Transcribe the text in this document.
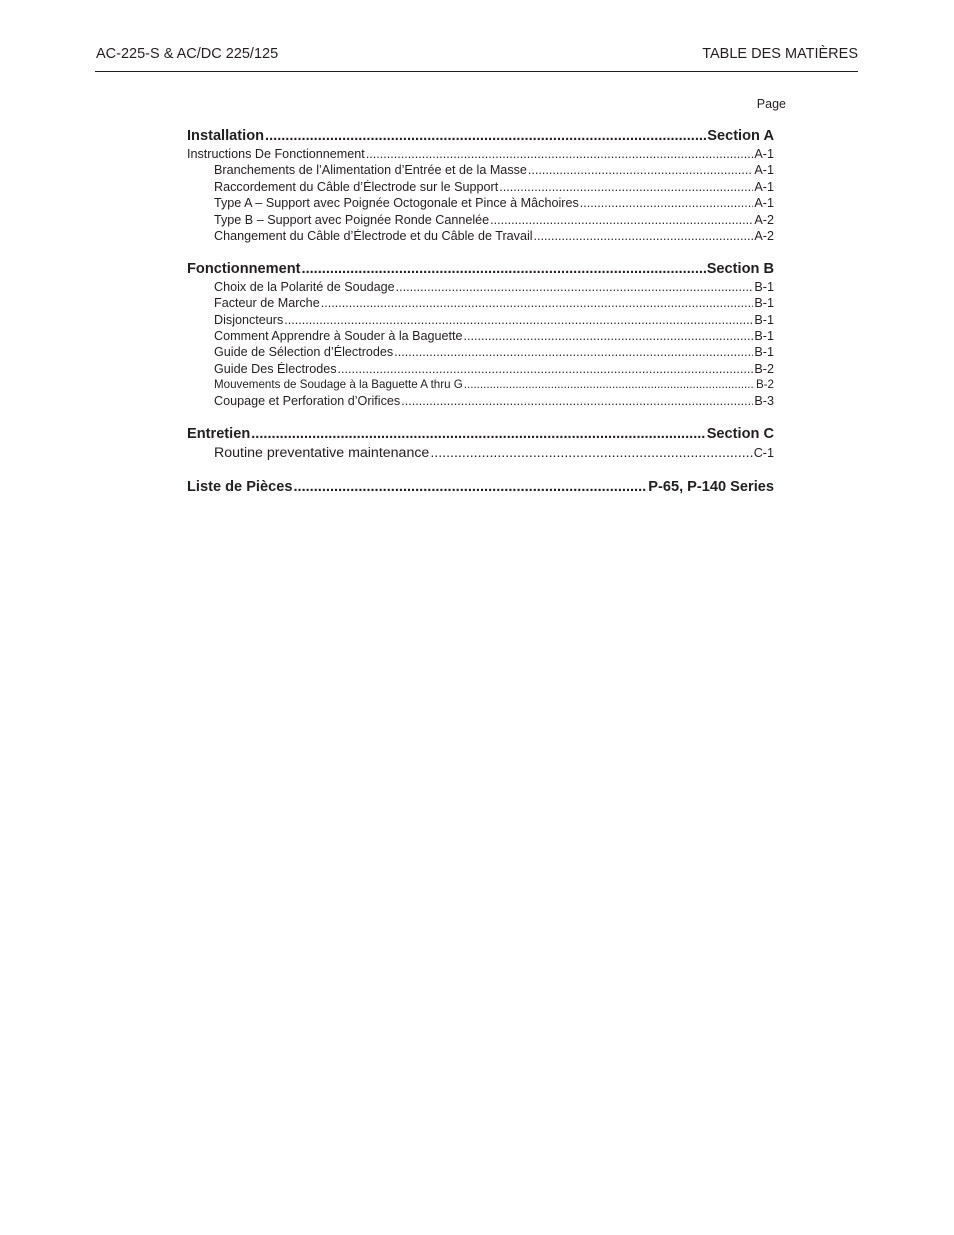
AC-225-S & AC/DC 225/125	TABLE DES MATIÈRES
Page
Installation .....	Section A
Instructions De Fonctionnement .....	A-1
Branchements de l’Alimentation d’Entrée et de la Masse .....	A-1
Raccordement du Câble d’Électrode sur le Support .....	A-1
Type A – Support avec Poignée Octogonale et Pince à Mâchoires .....	A-1
Type B – Support avec Poignée Ronde Cannelée .....	A-2
Changement du Câble d’Électrode et du Câble de Travail .....	A-2
Fonctionnement .....	Section B
Choix de la Polarité de Soudage .....	B-1
Facteur de Marche .....	B-1
Disjoncteurs .....	B-1
Comment Apprendre à Souder à la Baguette .....	B-1
Guide de Sélection d’Électrodes .....	B-1
Guide Des Électrodes .....	B-2
Mouvements de Soudage à la Baguette A thru G .....	B-2
Coupage et Perforation d’Orifices .....	B-3
Entretien .....	Section C
Routine preventative maintenance .....	C-1
Liste de Pièces .....	P-65, P-140 Series
